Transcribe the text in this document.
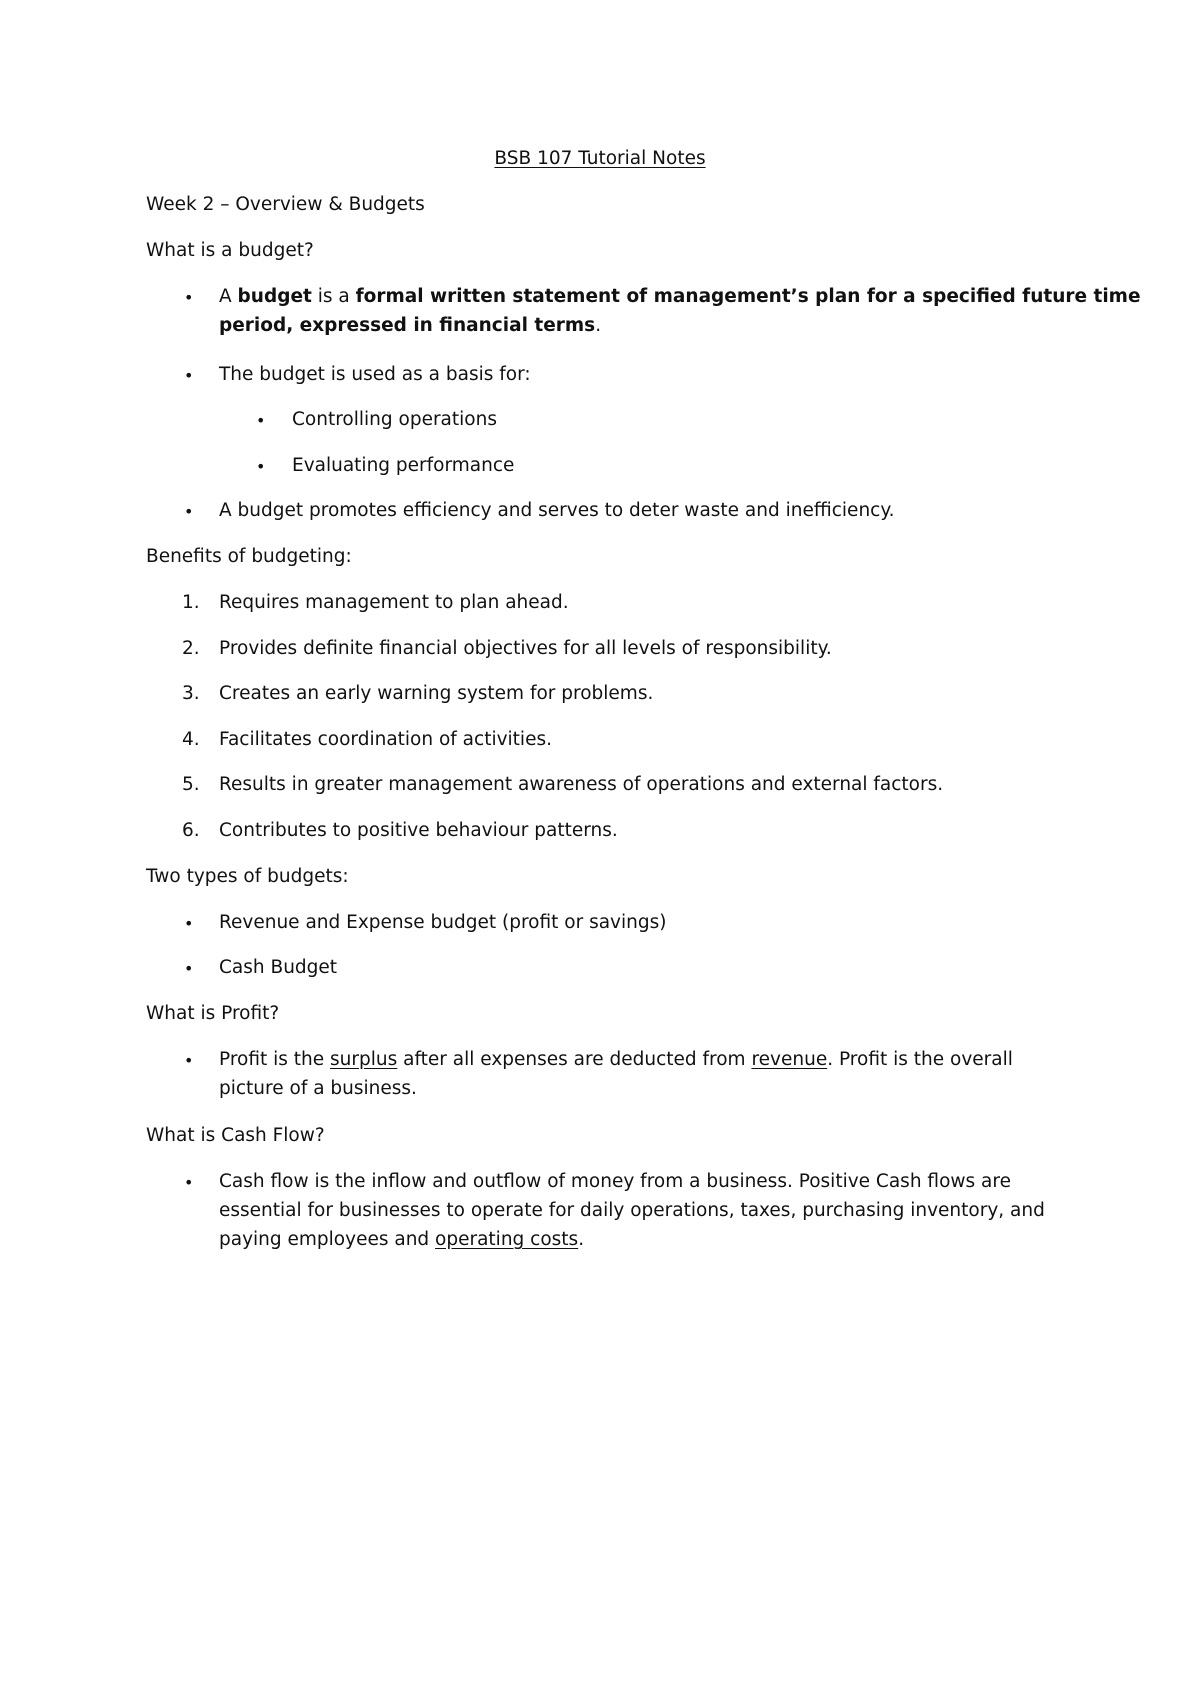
BSB 107 Tutorial Notes
Week 2 – Overview & Budgets
What is a budget?
• A budget is a formal written statement of management’s plan for a specified future time
period, expressed in financial terms.
• The budget is used as a basis for:
• Controlling operations
• Evaluating performance
• A budget promotes efficiency and serves to deter waste and inefficiency.
Benefits of budgeting:
1. Requires management to plan ahead.
2. Provides definite financial objectives for all levels of responsibility.
3. Creates an early warning system for problems.
4. Facilitates coordination of activities.
5. Results in greater management awareness of operations and external factors.
6. Contributes to positive behaviour patterns.
Two types of budgets:
• Revenue and Expense budget (profit or savings)
• Cash Budget
What is Profit?
• Profit is the surplus after all expenses are deducted from revenue. Profit is the overall
picture of a business.
What is Cash Flow?
• Cash flow is the inflow and outflow of money from a business. Positive Cash flows are
essential for businesses to operate for daily operations, taxes, purchasing inventory, and
paying employees and operating costs.
